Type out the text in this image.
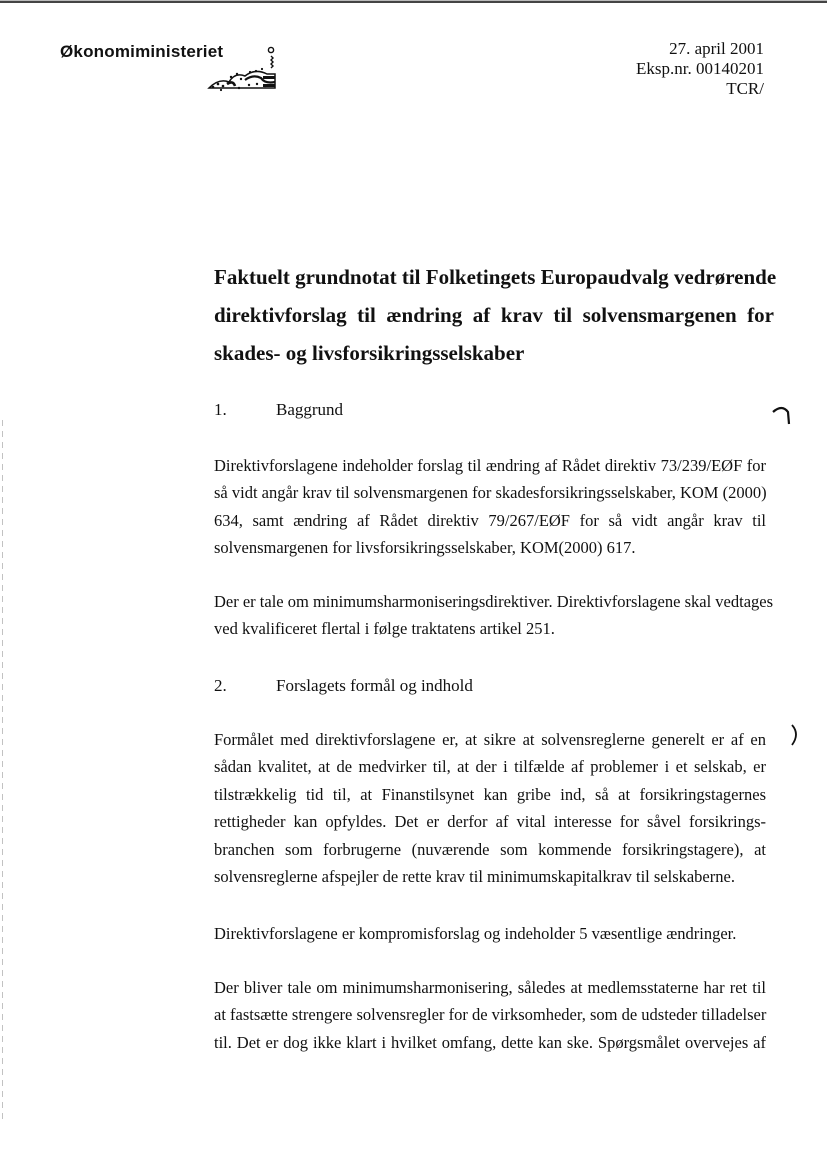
Økonomiministeriet	27. april 2001
Eksp.nr. 00140201
TCR/
Faktuelt grundnotat til Folketingets Europaudvalg vedrørende
direktivforslag til ændring af krav til solvensmargenen for
skades- og livsforsikringsselskaber
1.	Baggrund

Direktivforslagene indeholder forslag til ændring af Rådet direktiv 73/239/EØF for
så vidt angår krav til solvensmargenen for skadesforsikringsselskaber, KOM (2000)
634, samt ændring af Rådet direktiv 79/267/EØF for så vidt angår krav til
solvensmargenen for livsforsikringsselskaber, KOM(2000) 617.

Der er tale om minimumsharmoniseringsdirektiver. Direktivforslagene skal vedtages
ved kvalificeret flertal i følge traktatens artikel 251.

2.	Forslagets formål og indhold

Formålet med direktivforslagene er, at sikre at solvensreglerne generelt er af en
sådan kvalitet, at de medvirker til, at der i tilfælde af problemer i et selskab, er
tilstrækkelig tid til, at Finanstilsynet kan gribe ind, så at forsikringstagernes
rettigheder kan opfyldes. Det er derfor af vital interesse for såvel forsikrings-
branchen som forbrugerne (nuværende som kommende forsikringstagere), at
solvensreglerne afspejler de rette krav til minimumskapitalkrav til selskaberne.

Direktivforslagene er kompromisforslag og indeholder 5 væsentlige ændringer.

Der bliver tale om minimumsharmonisering, således at medlemsstaterne har ret til
at fastsætte strengere solvensregler for de virksomheder, som de udsteder tilladelser
til. Det er dog ikke klart i hvilket omfang, dette kan ske. Spørgsmålet overvejes af
